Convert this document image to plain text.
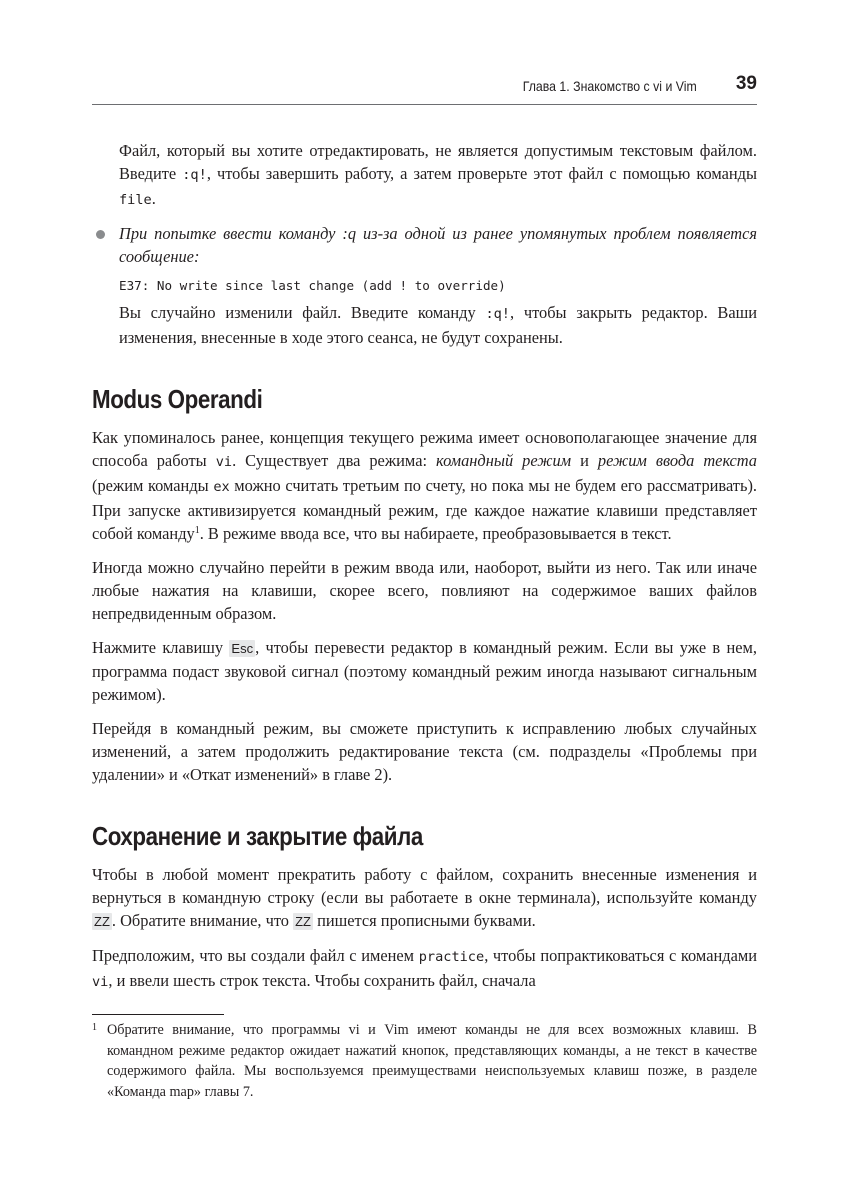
Глава 1. Знакомство с vi и Vim 39

Файл, который вы хотите отредактировать, не является допустимым текстовым файлом. Введите :q!, чтобы завершить работу, а затем проверьте этот файл с помощью команды file.

При попытке ввести команду :q из-за одной из ранее упомянутых проблем появляется сообщение:

E37: No write since last change (add ! to override)

Вы случайно изменили файл. Введите команду :q!, чтобы закрыть редактор. Ваши изменения, внесенные в ходе этого сеанса, не будут сохранены.

Modus Operandi

Как упоминалось ранее, концепция текущего режима имеет основополагающее значение для способа работы vi. Существует два режима: командный режим и режим ввода текста (режим команды ex можно считать третьим по счету, но пока мы не будем его рассматривать). При запуске активизируется командный режим, где каждое нажатие клавиши представляет собой команду$^1$. В режиме ввода все, что вы набираете, преобразовывается в текст.

Иногда можно случайно перейти в режим ввода или, наоборот, выйти из него. Так или иначе любые нажатия на клавиши, скорее всего, повлияют на содержимое ваших файлов непредвиденным образом.

Нажмите клавишу Esc , чтобы перевести редактор в командный режим. Если вы уже в нем, программа подаст звуковой сигнал (поэтому командный режим иногда называют сигнальным режимом).

Перейдя в командный режим, вы сможете приступить к исправлению любых случайных изменений, а затем продолжить редактирование текста (см. подразделы «Проблемы при удалении» и «Откат изменений» в главе 2).

Сохранение и закрытие файла

Чтобы в любой момент прекратить работу с файлом, сохранить внесенные изменения и вернуться в командную строку (если вы работаете в окне терминала), используйте команду ZZ . Обратите внимание, что ZZ пишется прописными буквами.

Предположим, что вы создали файл с именем practice, чтобы попрактиковаться с командами vi, и ввели шесть строк текста. Чтобы сохранить файл, сначала

1 Обратите внимание, что программы vi и Vim имеют команды не для всех возможных клавиш. В командном режиме редактор ожидает нажатий кнопок, представляющих команды, а не текст в качестве содержимого файла. Мы воспользуемся преимуществами неиспользуемых клавиш позже, в разделе «Команда map» главы 7.
